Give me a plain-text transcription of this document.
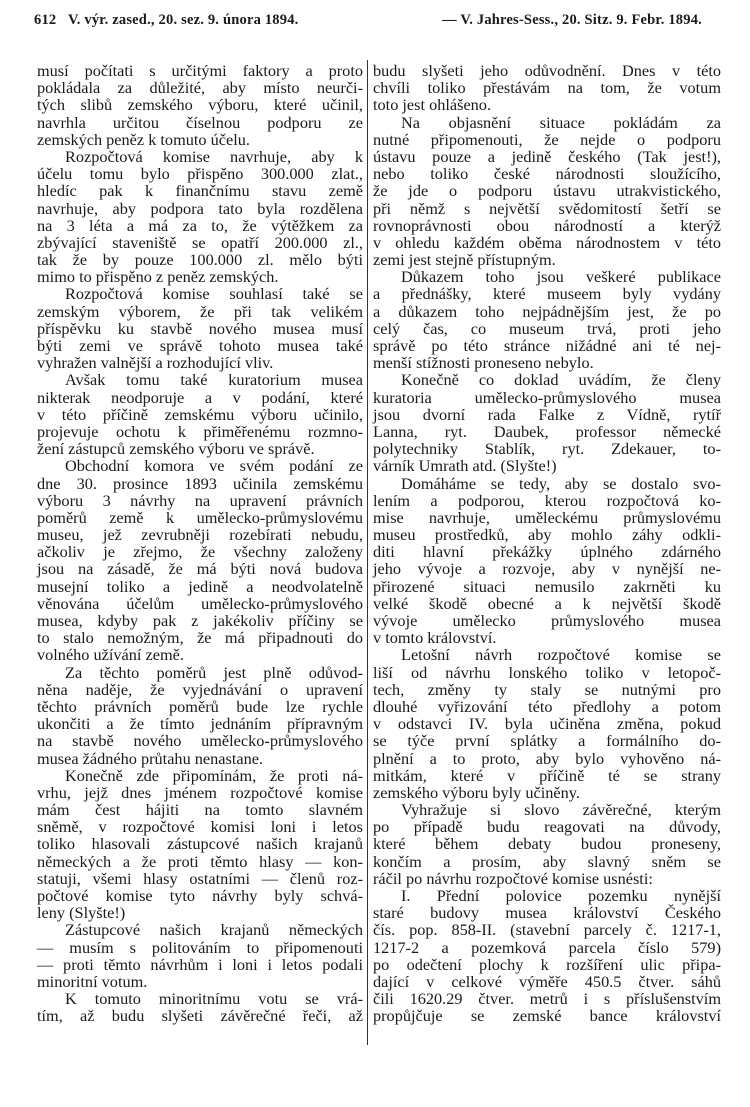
612 V. výr. zased., 20. sez. 9. února 1894.	— V. Jahres-Sess., 20. Sitz. 9. Febr. 1894.
musí počítati s určitými faktory a proto
pokládala za důležité, aby místo neurči-
tých slibů zemského výboru, které učinil,
navrhla určitou číselnou podporu ze
zemských peněz k tomuto účelu.
Rozpočtová komise navrhuje, aby k
účelu tomu bylo přispěno 300.000 zlat.,
hledíc pak k finančnímu stavu země
navrhuje, aby podpora tato byla rozdělena
na 3 léta a má za to, že výtěžkem za
zbývající staveniště se opatří 200.000 zl.,
tak že by pouze 100.000 zl. mělo býti
mimo to přispěno z peněz zemských.
Rozpočtová komise souhlasí také se
zemským výborem, že při tak velikém
příspěvku ku stavbě nového musea musí
býti zemi ve správě tohoto musea také
vyhražen valnější a rozhodující vliv.
Avšak tomu také kuratorium musea
nikterak neodporuje a v podání, které
v této příčině zemskému výboru učinilo,
projevuje ochotu k přiměřenému rozmno-
žení zástupců zemského výboru ve správě.
Obchodní komora ve svém podání ze
dne 30. prosince 1893 učinila zemskému
výboru 3 návrhy na upravení právních
poměrů země k umělecko-průmyslovému
museu, jež zevrubněji rozebírati nebudu,
ačkoliv je zřejmo, že všechny založeny
jsou na zásadě, že má býti nová budova
musejní toliko a jedině a neodvolatelně
věnována účelům umělecko-průmyslového
musea, kdyby pak z jakékoliv příčiny se
to stalo nemožným, že má připadnouti do
volného užívání země.
Za těchto poměrů jest plně odůvod-
něna naděje, že vyjednávání o upravení
těchto právních poměrů bude lze rychle
ukončiti a že tímto jednáním přípravným
na stavbě nového umělecko-průmyslového
musea žádného průtahu nenastane.
Konečně zde připomínám, že proti ná-
vrhu, jejž dnes jménem rozpočtové komise
mám čest hájiti na tomto slavném
sněmě, v rozpočtové komisi loni i letos
toliko hlasovali zástupcové našich krajanů
německých a že proti těmto hlasy — kon-
statuji, všemi hlasy ostatními — členů roz-
počtové komise tyto návrhy byly schvá-
leny (Slyšte!)
Zástupcové našich krajanů německých
— musím s politováním to připomenouti
— proti těmto návrhům i loni i letos podali
minoritní votum.
K tomuto minoritnímu votu se vrá-
tím, až budu slyšeti závěrečné řeči, až
budu slyšeti jeho odůvodnění. Dnes v této
chvíli toliko přestávám na tom, že votum
toto jest ohlášeno.
Na objasnění situace pokládám za
nutné připomenouti, že nejde o podporu
ústavu pouze a jedině českého (Tak jest!),
nebo toliko české národnosti sloužícího,
že jde o podporu ústavu utrakvistického,
při němž s největší svědomitostí šetří se
rovnoprávnosti obou národností a kterýž
v ohledu každém oběma národnostem v této
zemi jest stejně přístupným.
Důkazem toho jsou veškeré publikace
a přednášky, které museem byly vydány
a důkazem toho nejpádnějším jest, že po
celý čas, co museum trvá, proti jeho
správě po této stránce nižádné ani té nej-
menší stížnosti proneseno nebylo.
Konečně co doklad uvádím, že členy
kuratoria umělecko-průmyslového musea
jsou dvorní rada Falke z Vídně, rytíř
Lanna, ryt. Daubek, professor německé
polytechniky Stablík, ryt. Zdekauer, to-
várník Umrath atd. (Slyšte!)
Domáháme se tedy, aby se dostalo svo-
lením a podporou, kterou rozpočtová ko-
mise navrhuje, uměleckému průmyslovému
museu prostředků, aby mohlo záhy odkli-
diti hlavní překážky úplného zdárného
jeho vývoje a rozvoje, aby v nynější ne-
přirozené situaci nemusilo zakrněti ku
velké škodě obecné a k největší škodě
vývoje umělecko průmyslového musea
v tomto království.
Letošní návrh rozpočtové komise se
liší od návrhu lonského toliko v letopoč-
tech, změny ty staly se nutnými pro
dlouhé vyřizování této předlohy a potom
v odstavci IV. byla učiněna změna, pokud
se týče první splátky a formálního do-
plnění a to proto, aby bylo vyhověno ná-
mitkám, které v příčině té se strany
zemského výboru byly učiněny.
Vyhražuje si slovo závěrečné, kterým
po případě budu reagovati na důvody,
které během debaty budou proneseny,
končím a prosím, aby slavný sněm se
ráčil po návrhu rozpočtové komise usnésti:
I. Přední polovice pozemku nynější
staré budovy musea království Českého
čís. pop. 858-II. (stavební parcely č. 1217-1,
1217-2 a pozemková parcela číslo 579)
po odečtení plochy k rozšíření ulic připa-
dající v celkové výměře 450.5 čtver. sáhů
čili 1620.29 čtver. metrů i s příslušenstvím
propůjčuje se zemské bance království
